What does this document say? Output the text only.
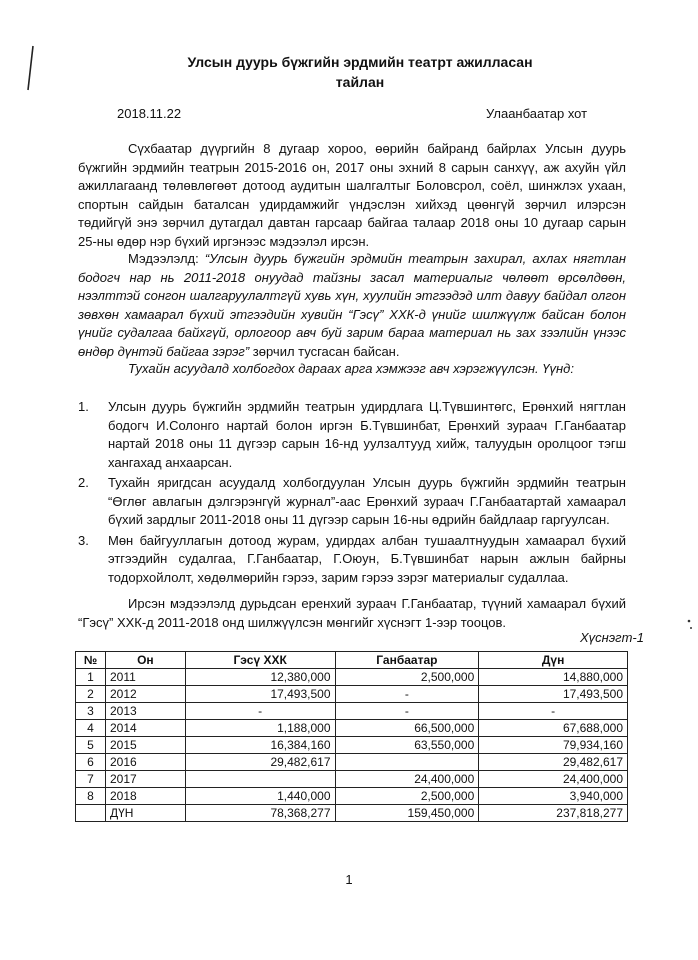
Улсын дуурь бүжгийн эрдмийн театрт ажилласан
тайлан
2018.11.22	Улаанбаатар хот

Сүхбаатар дүүргийн 8 дугаар хороо, өөрийн байранд байрлах Улсын дуурь бүжгийн эрдмийн театрын 2015-2016 он, 2017 оны эхний 8 сарын санхүү, аж ахуйн үйл ажиллагаанд төлөвлөгөөт дотоод аудитын шалгалтыг Боловсрол, соёл, шинжлэх ухаан, спортын сайдын баталсан удирдамжийг үндэслэн хийхэд цөөнгүй зөрчил илэрсэн төдийгүй энэ зөрчил дутагдал давтан гарсаар байгаа талаар 2018 оны 10 дугаар сарын 25-ны өдөр нэр бүхий иргэнээс мэдээлэл ирсэн.

Мэдээлэлд: “Улсын дуурь бүжгийн эрдмийн театрын захирал, ахлах нягтлан бодогч нар нь 2011-2018 онуудад тайзны засал материалыг чөлөөт өрсөлдөөн, нээлттэй сонгон шалгаруулалтгүй хувь хүн, хуулийн этгээдэд илт давуу байдал олгон зөвхөн хамаарал бүхий этгээдийн хувийн “Гэсү” ХХК-д үнийг шилжүүлж байсан болон үнийг судалгаа байхгүй, орлогоор авч буй зарим бараа материал нь зах зээлийн үнээс өндөр дүнтэй байгаа зэрэг” зөрчил тусгасан байсан.

Тухайн асуудалд холбогдох дараах арга хэмжээг авч хэрэгжүүлсэн. Үүнд:

1. Улсын дуурь бүжгийн эрдмийн театрын удирдлага Ц.Түвшинтөгс, Ерөнхий нягтлан бодогч И.Солонго нартай болон иргэн Б.Түвшинбат, Ерөнхий зураач Г.Ганбаатар нартай 2018 оны 11 дүгээр сарын 16-нд уулзалтууд хийж, талуудын оролцоог тэгш хангахад анхаарсан.
2. Тухайн яригдсан асуудалд холбогдуулан Улсын дуурь бүжгийн эрдмийн театрын “Өглөг авлагын дэлгэрэнгүй журнал”-аас Ерөнхий зураач Г.Ганбаатартай хамаарал бүхий зардлыг 2011-2018 оны 11 дүгээр сарын 16-ны өдрийн байдлаар гаргуулсан.
3. Мөн байгууллагын дотоод журам, удирдах албан тушаалтнуудын хамаарал бүхий этгээдийн судалгаа, Г.Ганбаатар, Г.Оюун, Б.Түвшинбат нарын ажлын байрны тодорхойлолт, хөдөлмөрийн гэрээ, зарим гэрээ зэрэг материалыг судаллаа.

Ирсэн мэдээлэлд дурьдсан еренхий зураач Г.Ганбаатар, түүний хамаарал бүхий “Гэсү” ХХК-д 2011-2018 онд шилжүүлсэн мөнгийг хүснэгт 1-ээр тооцов.

Хүснэгт-1
№	Он	Гэсү ХХК	Ганбаатар	Дүн
1	2011	12,380,000	2,500,000	14,880,000
2	2012	17,493,500	-	17,493,500
3	2013	-	-	-
4	2014	1,188,000	66,500,000	67,688,000
5	2015	16,384,160	63,550,000	79,934,160
6	2016	29,482,617		29,482,617
7	2017		24,400,000	24,400,000
8	2018	1,440,000	2,500,000	3,940,000
	ДҮН	78,368,277	159,450,000	237,818,277
1
